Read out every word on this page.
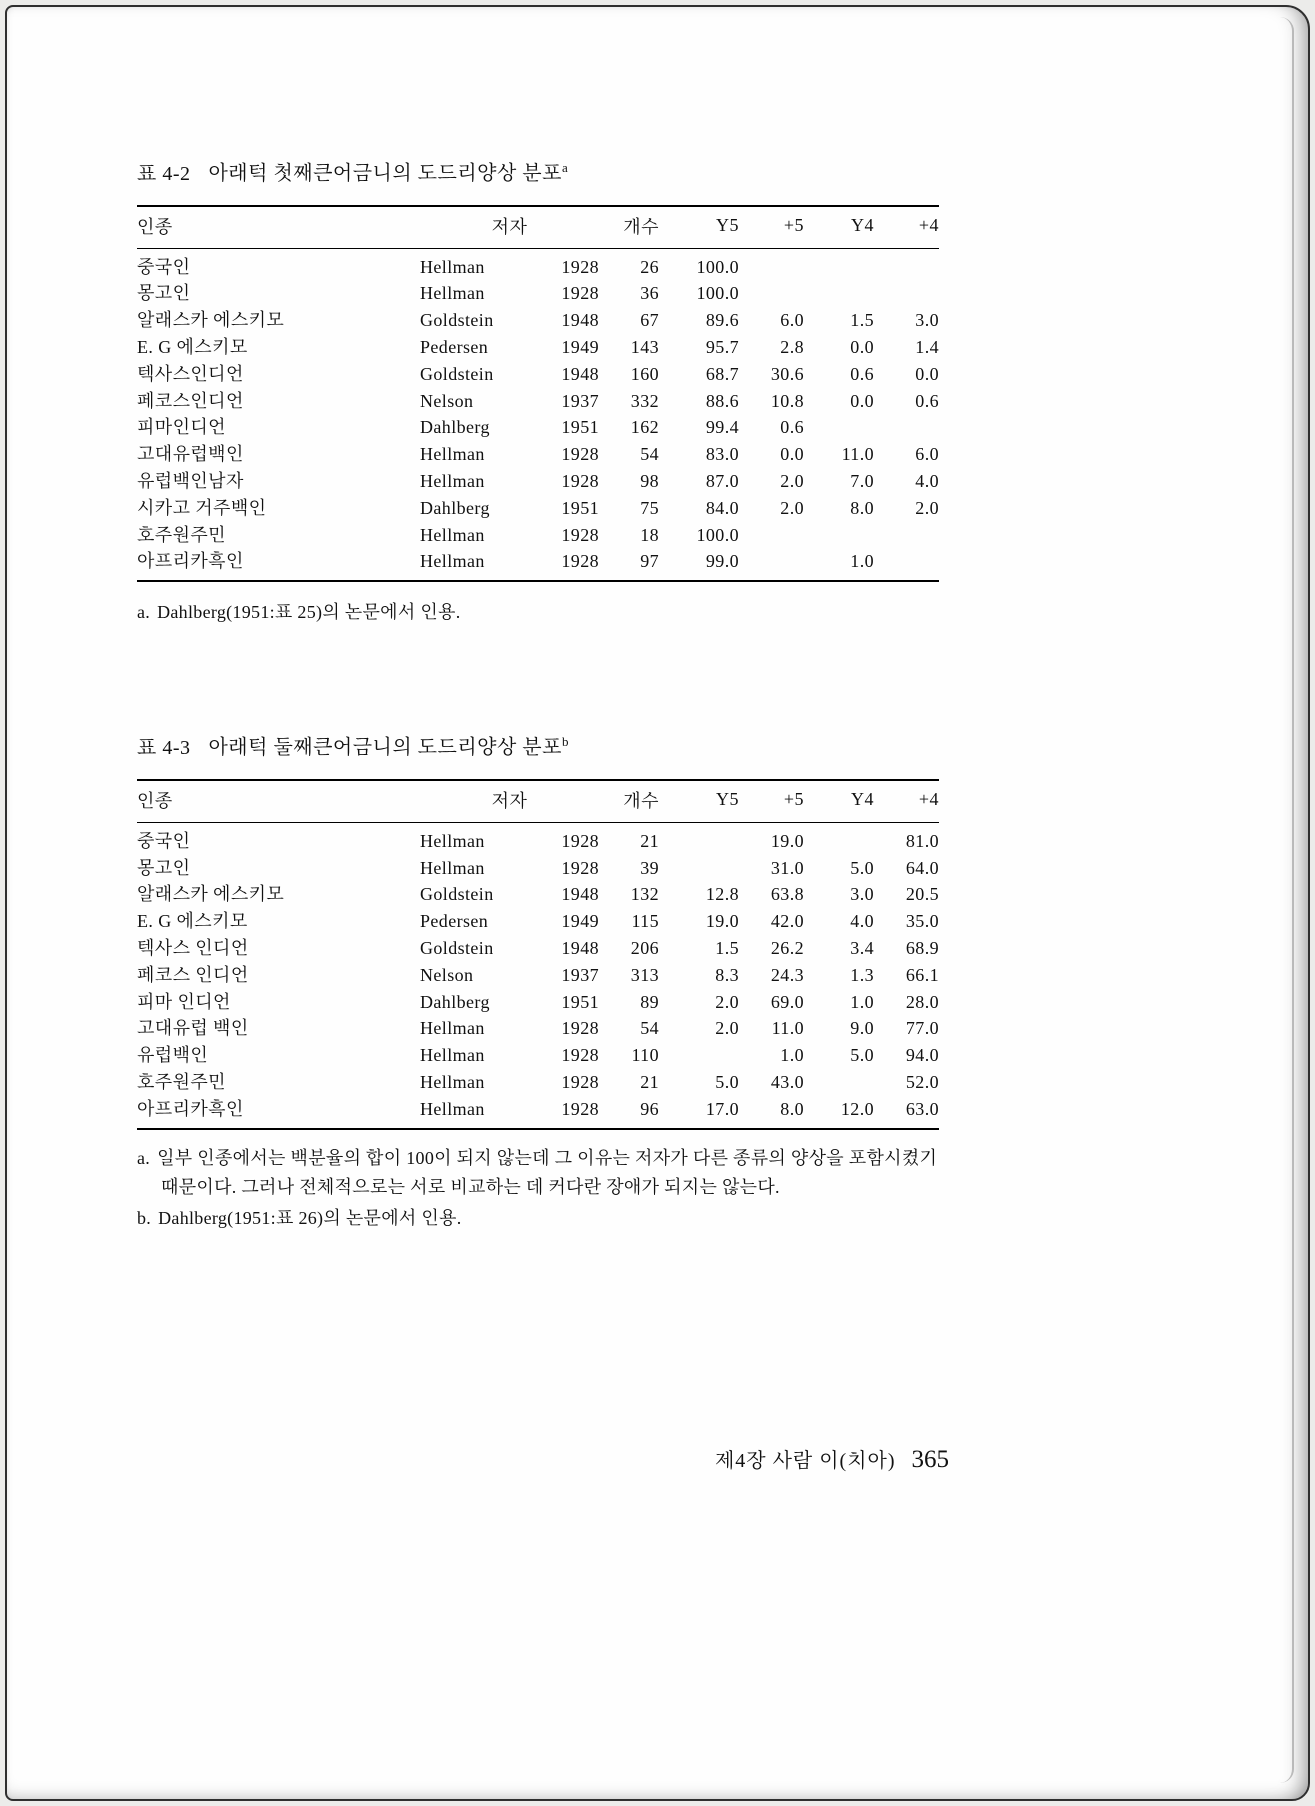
표 4-2 아래턱 첫째큰어금니의 도드리양상 분포$^a$
인종	저자		개수	Y5	+5	Y4	+4
중국인	Hellman	1928	26	100.0			
몽고인	Hellman	1928	36	100.0			
알래스카 에스키모	Goldstein	1948	67	89.6	6.0	1.5	3.0
E. G 에스키모	Pedersen	1949	143	95.7	2.8	0.0	1.4
텍사스인디언	Goldstein	1948	160	68.7	30.6	0.6	0.0
페코스인디언	Nelson	1937	332	88.6	10.8	0.0	0.6
피마인디언	Dahlberg	1951	162	99.4	0.6		
고대유럽백인	Hellman	1928	54	83.0	0.0	11.0	6.0
유럽백인남자	Hellman	1928	98	87.0	2.0	7.0	4.0
시카고 거주백인	Dahlberg	1951	75	84.0	2.0	8.0	2.0
호주원주민	Hellman	1928	18	100.0			
아프리카흑인	Hellman	1928	97	99.0		1.0	

a. Dahlberg(1951:표 25)의 논문에서 인용.

표 4-3 아래턱 둘째큰어금니의 도드리양상 분포$^b$
인종	저자		개수	Y5	+5	Y4	+4
중국인	Hellman	1928	21		19.0		81.0
몽고인	Hellman	1928	39		31.0	5.0	64.0
알래스카 에스키모	Goldstein	1948	132	12.8	63.8	3.0	20.5
E. G 에스키모	Pedersen	1949	115	19.0	42.0	4.0	35.0
텍사스 인디언	Goldstein	1948	206	1.5	26.2	3.4	68.9
페코스 인디언	Nelson	1937	313	8.3	24.3	1.3	66.1
피마 인디언	Dahlberg	1951	89	2.0	69.0	1.0	28.0
고대유럽 백인	Hellman	1928	54	2.0	11.0	9.0	77.0
유럽백인	Hellman	1928	110		1.0	5.0	94.0
호주원주민	Hellman	1928	21	5.0	43.0		52.0
아프리카흑인	Hellman	1928	96	17.0	8.0	12.0	63.0

a. 일부 인종에서는 백분율의 합이 100이 되지 않는데 그 이유는 저자가 다른 종류의 양상을 포함시켰기 때문이다. 그러나 전체적으로는 서로 비교하는 데 커다란 장애가 되지는 않는다.

b. Dahlberg(1951:표 26)의 논문에서 인용.

제4장 사람 이(치아) 365
